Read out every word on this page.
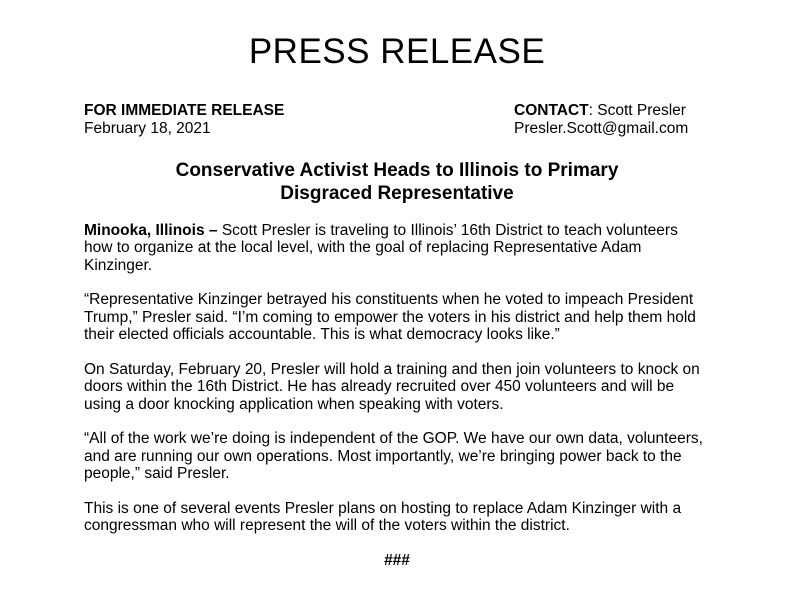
PRESS RELEASE
FOR IMMEDIATE RELEASE
February 18, 2021
CONTACT: Scott Presler
Presler.Scott@gmail.com
Conservative Activist Heads to Illinois to Primary
Disgraced Representative

Minooka, Illinois – Scott Presler is traveling to Illinois’ 16th District to teach volunteers how to organize at the local level, with the goal of replacing Representative Adam Kinzinger.

“Representative Kinzinger betrayed his constituents when he voted to impeach President Trump,” Presler said. “I’m coming to empower the voters in his district and help them hold their elected officials accountable. This is what democracy looks like.”

On Saturday, February 20, Presler will hold a training and then join volunteers to knock on doors within the 16th District. He has already recruited over 450 volunteers and will be using a door knocking application when speaking with voters.

“All of the work we’re doing is independent of the GOP. We have our own data, volunteers, and are running our own operations. Most importantly, we’re bringing power back to the people,” said Presler.

This is one of several events Presler plans on hosting to replace Adam Kinzinger with a congressman who will represent the will of the voters within the district.

###
